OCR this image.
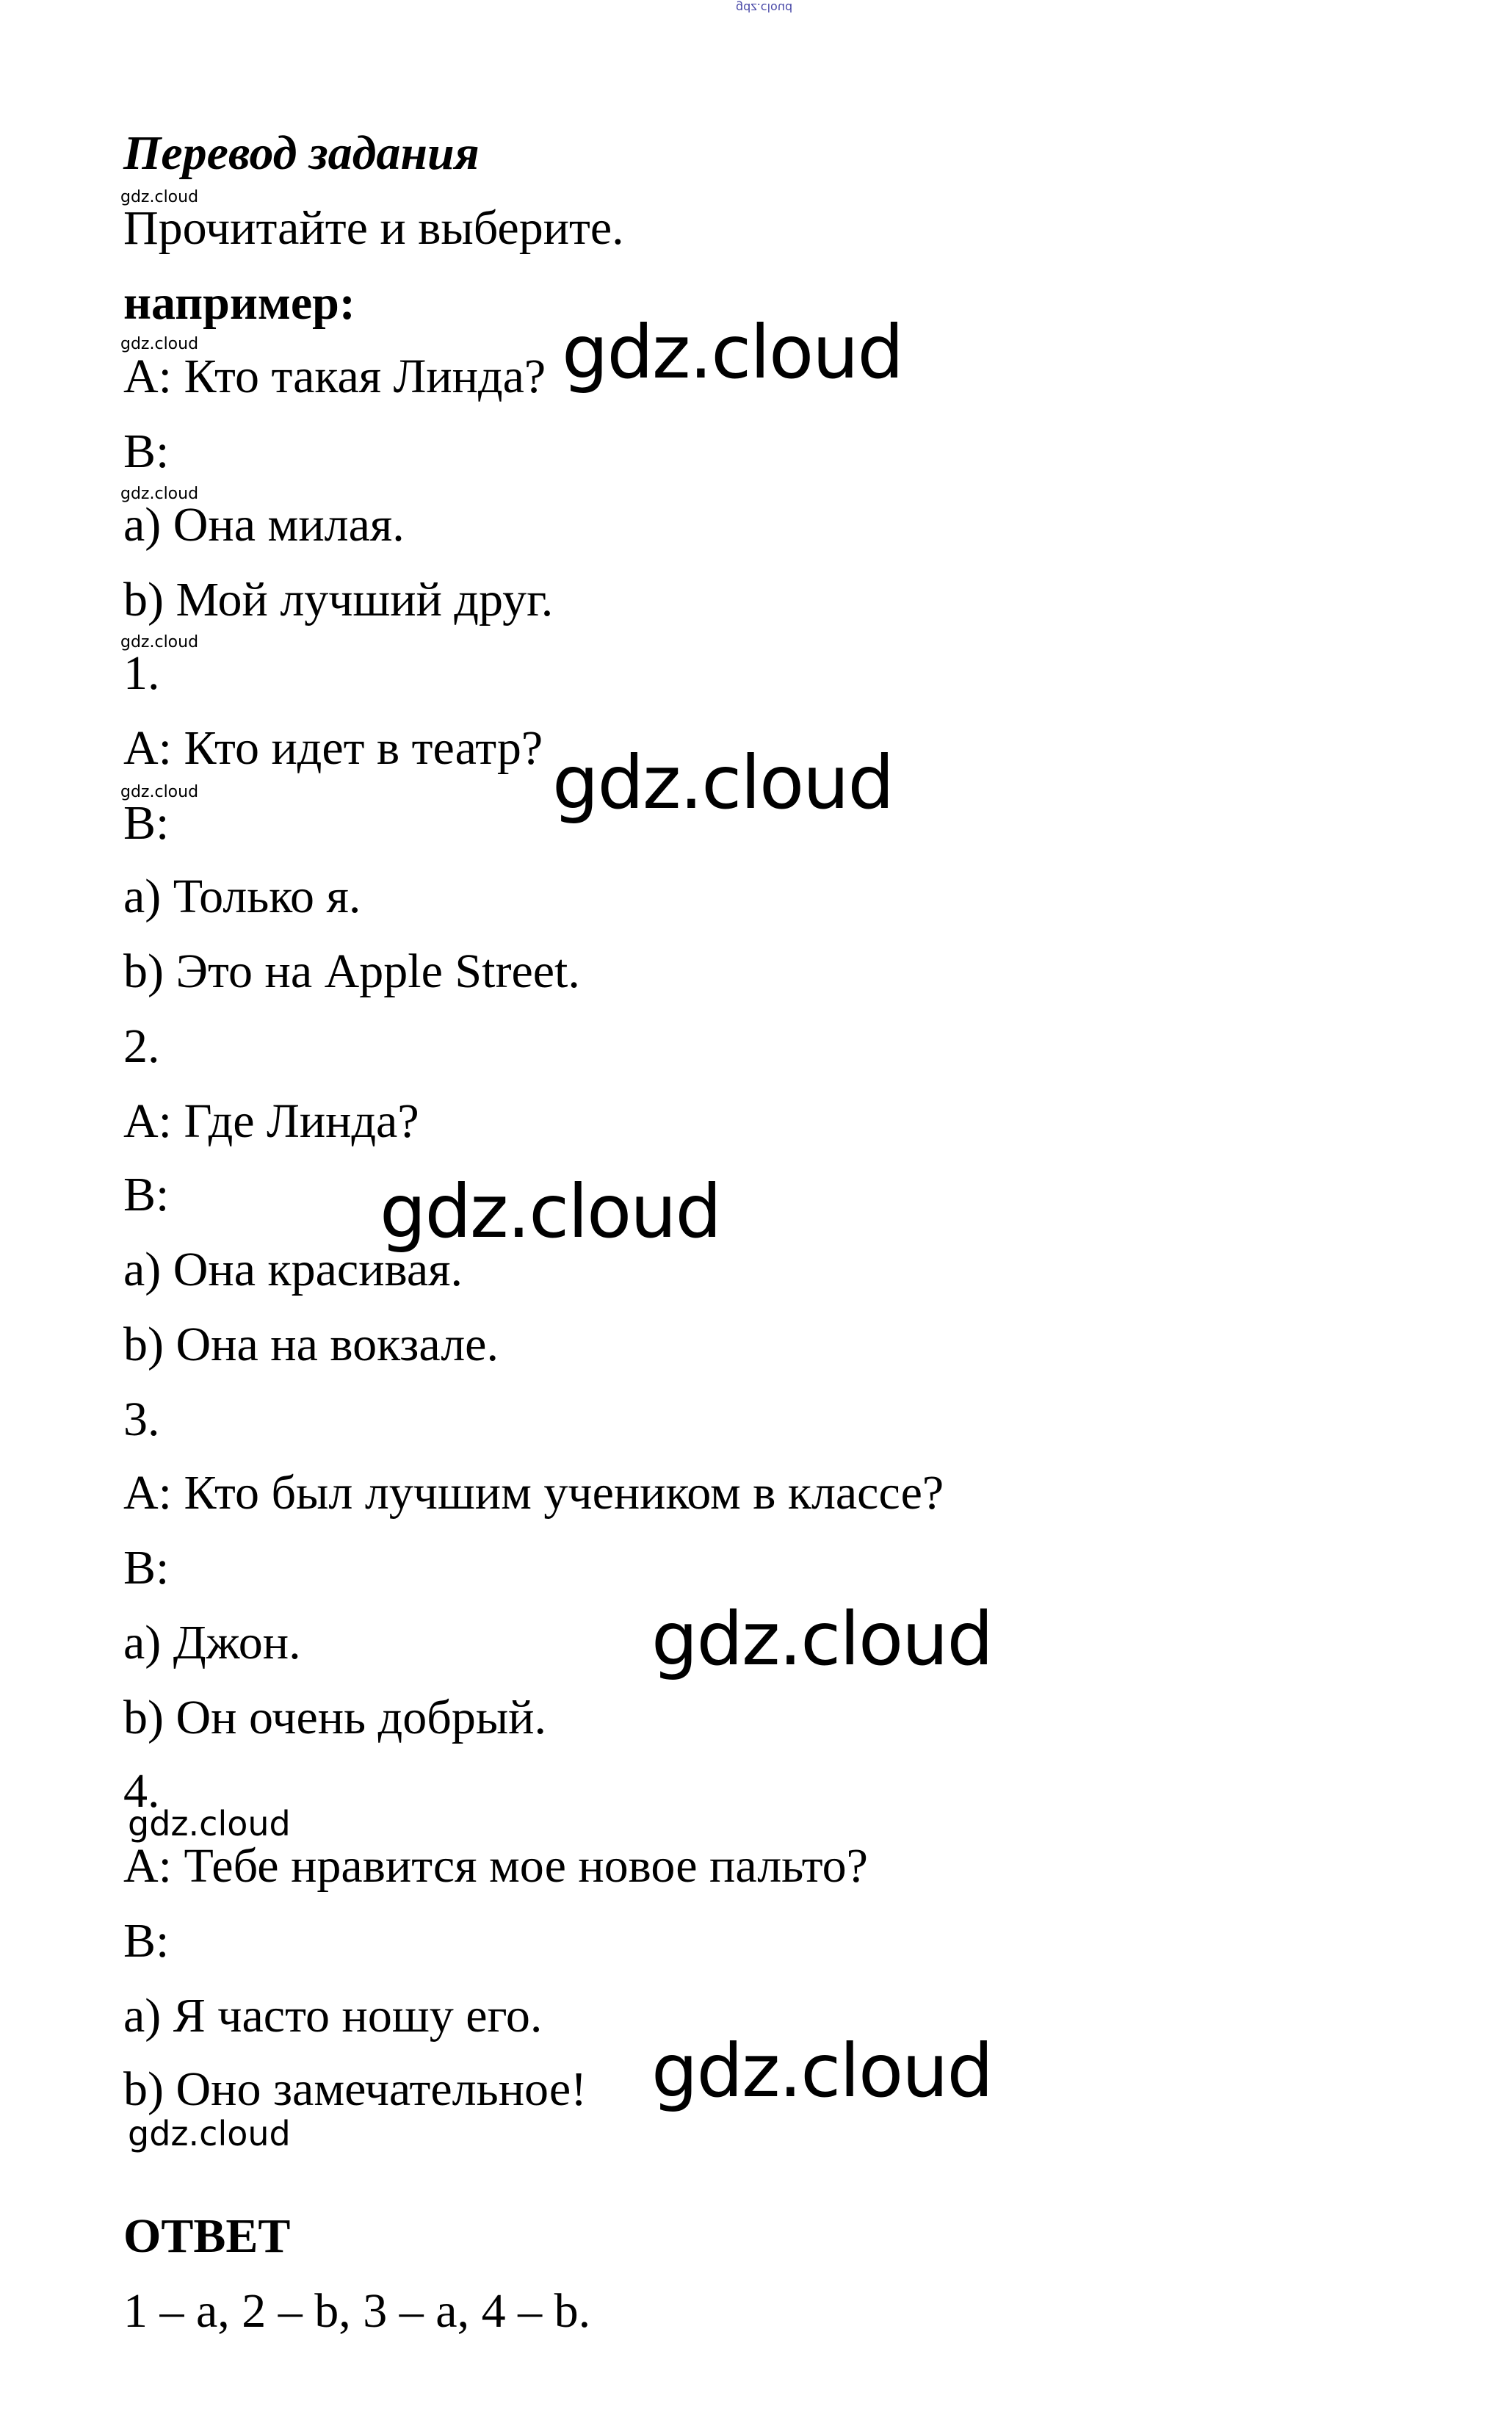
gdz.cloud
Перевод задания
gdz.cloud
Прочитайте и выберите.
например:
gdz.cloud
A: Кто такая Линда? gdz.cloud
B:
gdz.cloud
a) Она милая.
b) Мой лучший друг.
gdz.cloud
1.
A: Кто идет в театр?
gdz.cloud	gdz.cloud
B:
a) Только я.
b) Это на Apple Street.
2.
A: Где Линда?
B:
a) Она красивая.
gdz.cloud
b) Она на вокзале.
3.
A: Кто был лучшим учеником в классе?
B:
a) Джон.	gdz.cloud
b) Он очень добрый.
4.
gdz.cloud
A: Тебе нравится мое новое пальто?
B:
a) Я часто ношу его.
b) Оно замечательное! gdz.cloud
gdz.cloud
ОТВЕТ
1 – a, 2 – b, 3 – a, 4 – b.
